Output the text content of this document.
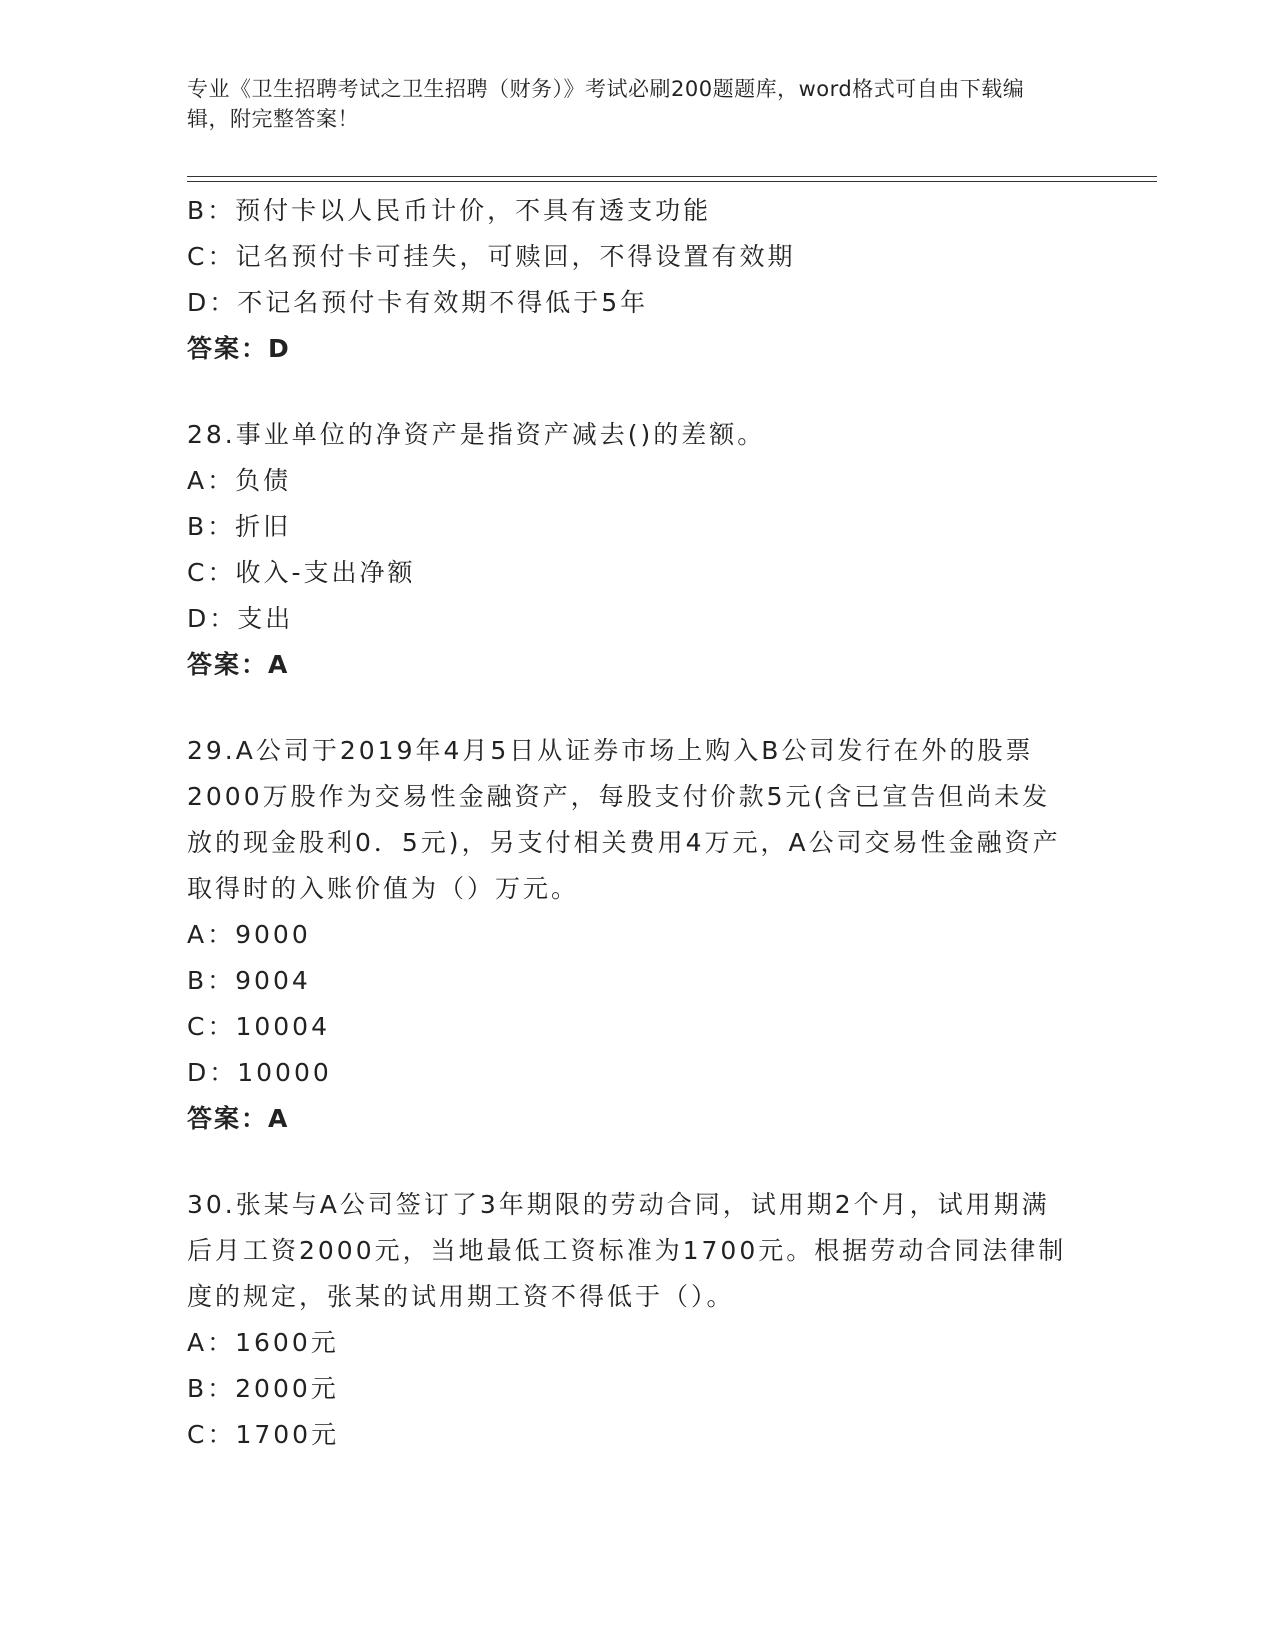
专业《卫生招聘考试之卫生招聘（财务）》考试必刷200题题库，word格式可自由下载编辑，附完整答案！
B：预付卡以人民币计价，不具有透支功能
C：记名预付卡可挂失，可赎回，不得设置有效期
D：不记名预付卡有效期不得低于5年
答案：D
28.事业单位的净资产是指资产减去()的差额。
A：负债
B：折旧
C：收入-支出净额
D：支出
答案：A
29.A公司于2019年4月5日从证券市场上购入B公司发行在外的股票2000万股作为交易性金融资产，每股支付价款5元(含已宣告但尚未发放的现金股利0．5元)，另支付相关费用4万元，A公司交易性金融资产取得时的入账价值为（）万元。
A：9000
B：9004
C：10004
D：10000
答案：A
30.张某与A公司签订了3年期限的劳动合同，试用期2个月，试用期满后月工资2000元，当地最低工资标准为1700元。根据劳动合同法律制度的规定，张某的试用期工资不得低于（）。
A：1600元
B：2000元
C：1700元
